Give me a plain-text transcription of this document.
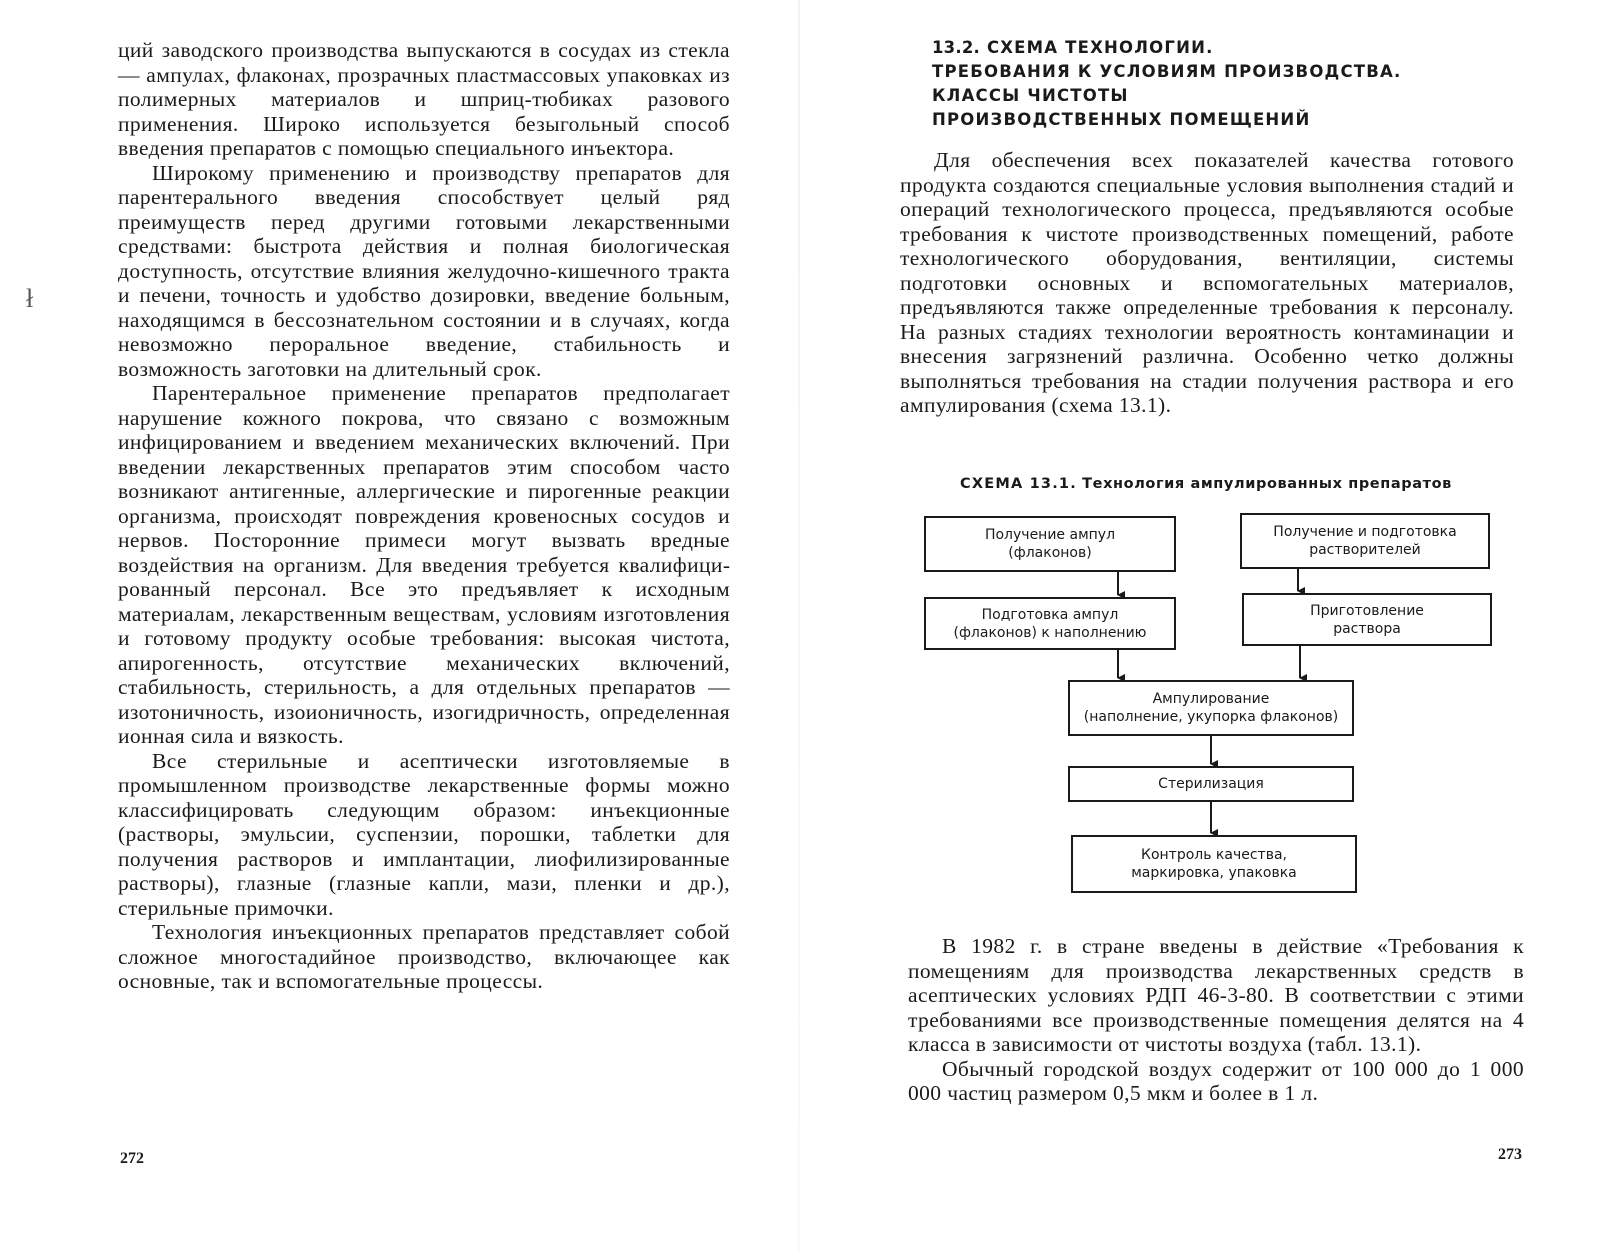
ций заводского производства выпускаются в сосудах из стекла — ампулах, флаконах, прозрачных пластмассовых упаковках из полимерных материалов и шприц-тюбиках разового применения. Широко используется безыгольный способ введения препаратов с помощью специального инъектора.

Широкому применению и производству препаратов для парентерального введения способствует целый ряд преимуществ перед другими готовыми лекарственными средствами: быстрота действия и полная биологическая доступность, отсутствие влияния желудочно-кишечного тракта и печени, точность и удобство дозировки, введение больным, находящимся в бессознательном состоянии и в случаях, когда невозможно пероральное введение, стабильность и возможность заготовки на длительный срок.

Парентеральное применение препаратов предполагает нарушение кожного покрова, что связано с возможным инфицированием и введением механических включений. При введении лекарственных препаратов этим способом часто возникают антигенные, аллергические и пирогенные реакции организма, происходят повреждения кровеносных сосудов и нервов. Посторонние примеси могут вызвать вредные воздействия на организм. Для введения требуется квалифицированный персонал. Все это предъявляет к исходным материалам, лекарственным веществам, условиям изготовления и готовому продукту особые требования: высокая чистота, апирогенность, отсутствие механических включений, стабильность, стерильность, а для отдельных препаратов — изотоничность, изоионичность, изогидричность, определенная ионная сила и вязкость.

Все стерильные и асептически изготовляемые в промышленном производстве лекарственные формы можно классифицировать следующим образом: инъекционные (растворы, эмульсии, суспензии, порошки, таблетки для получения растворов и имплантации, лиофилизированные растворы), глазные (глазные капли, мази, пленки и др.), стерильные примочки.

Технология инъекционных препаратов представляет собой сложное многостадийное производство, включающее как основные, так и вспомогательные процессы.

ł
272
13.2. СХЕМА ТЕХНОЛОГИИ.
ТРЕБОВАНИЯ К УСЛОВИЯМ ПРОИЗВОДСТВА.
КЛАССЫ ЧИСТОТЫ
ПРОИЗВОДСТВЕННЫХ ПОМЕЩЕНИЙ

Для обеспечения всех показателей качества готового продукта создаются специальные условия выполнения стадий и операций технологического процесса, предъявляются особые требования к чистоте производственных помещений, работе технологического оборудования, вентиляции, системы подготовки основных и вспомогательных материалов, предъявляются также определенные требования к персоналу. На разных стадиях технологии вероятность контаминации и внесения загрязнений различна. Особенно четко должны выполняться требования на стадии получения раствора и его ампулирования (схема 13.1).

СХЕМА 13.1. Технология ампулированных препаратов
Получение ампул
(флаконов)
Получение и подготовка
растворителей
Подготовка ампул
(флаконов) к наполнению
Приготовление
раствора
Ампулирование
(наполнение, укупорка флаконов)
Стерилизация
Контроль качества,
маркировка, упаковка

В 1982 г. в стране введены в действие «Требования к помещениям для производства лекарственных средств в асептических условиях РДП 46-3-80. В соответствии с этими требованиями все производственные помещения делятся на 4 класса в зависимости от чистоты воздуха (табл. 13.1).

Обычный городской воздух содержит от 100 000 до 1 000 000 частиц размером 0,5 мкм и более в 1 л.

273
